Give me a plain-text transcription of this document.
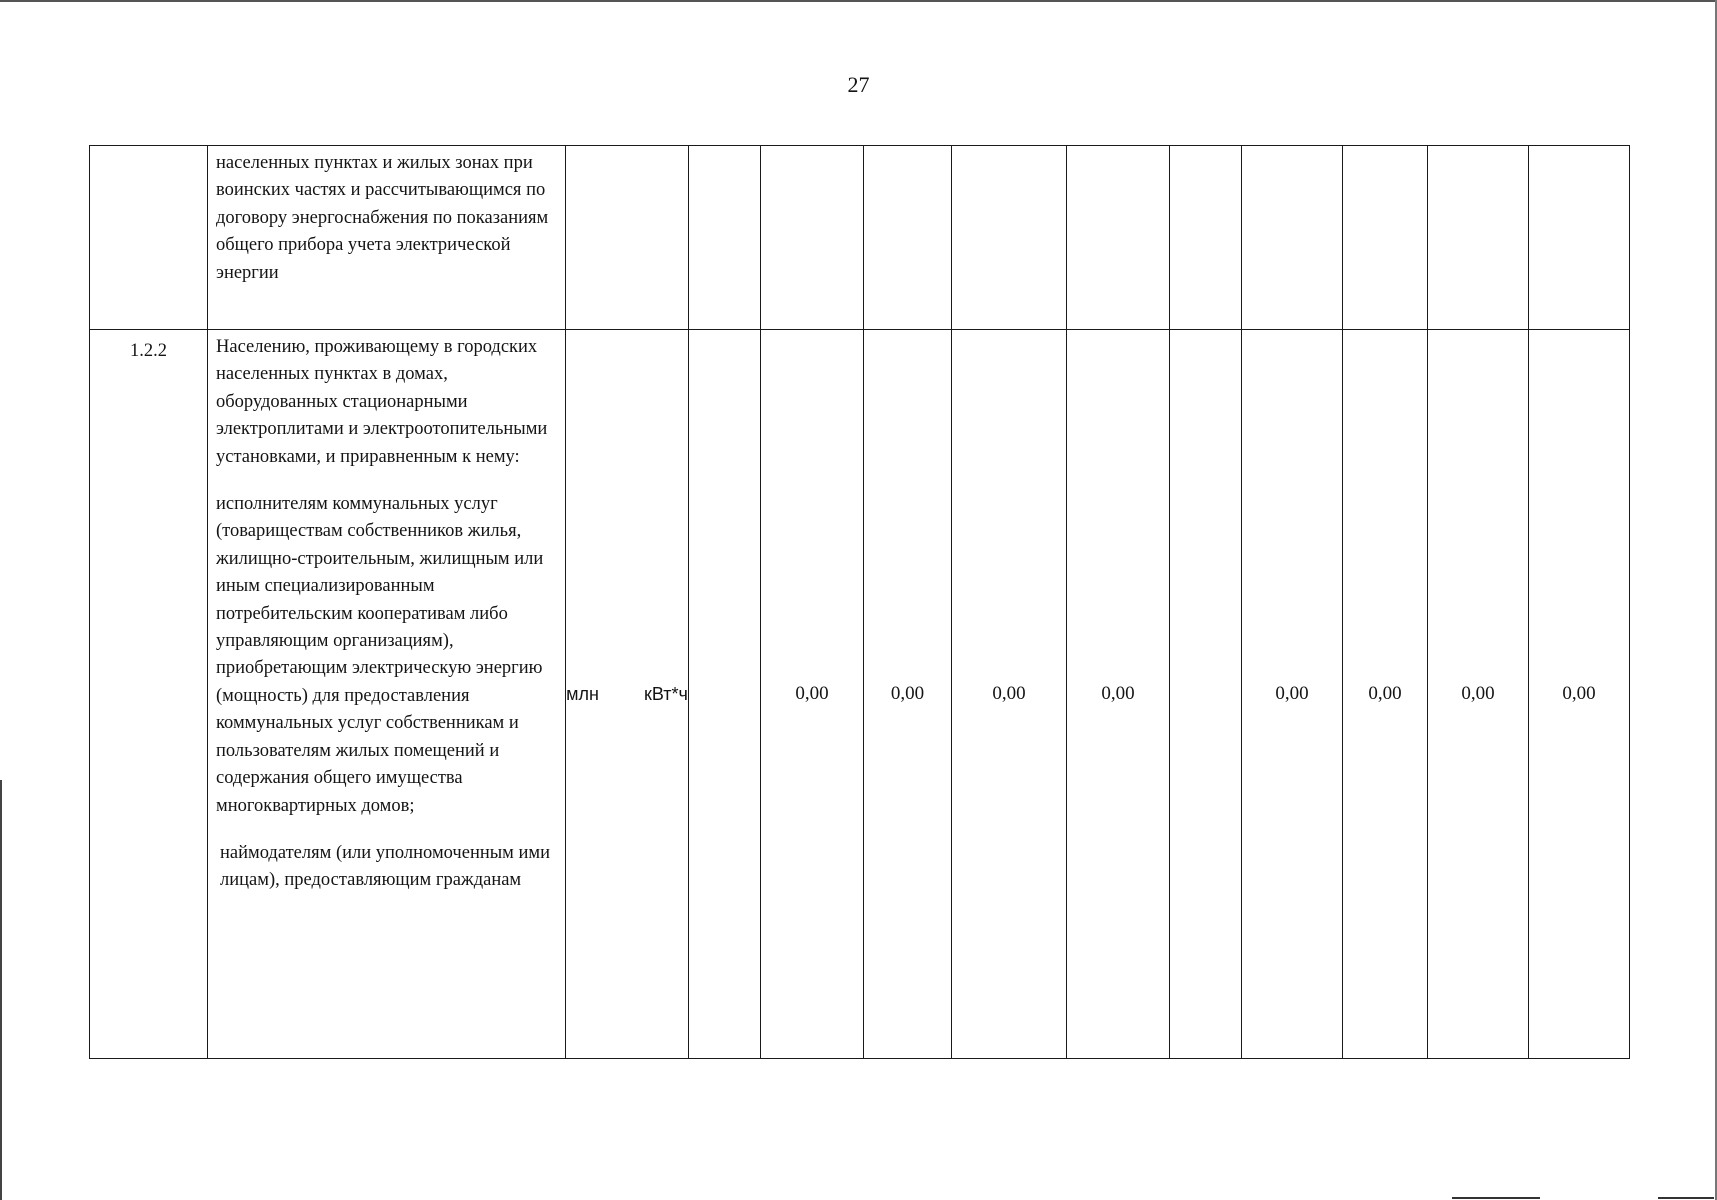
27

	населенных пунктах и жилых зонах при воинских частях и рассчитывающимся по договору энергоснабжения по показаниям общего прибора учета электрической энергии											

1.2.2	Населению, проживающему в городских населенных пунктах в домах, оборудованных стационарными электроплитами и электроотопительными установками, и приравненным к нему:

исполнителям коммунальных услуг (товариществам собственников жилья, жилищно-строительным, жилищным или иным специализированным потребительским кооперативам либо управляющим организациям), приобретающим электрическую энергию (мощность) для предоставления коммунальных услуг собственникам и пользователям жилых помещений и содержания общего имущества многоквартирных домов;

наймодателям (или уполномоченным ими лицам), предоставляющим гражданам	млн кВт*ч		0,00	0,00	0,00	0,00		0,00	0,00	0,00	0,00
